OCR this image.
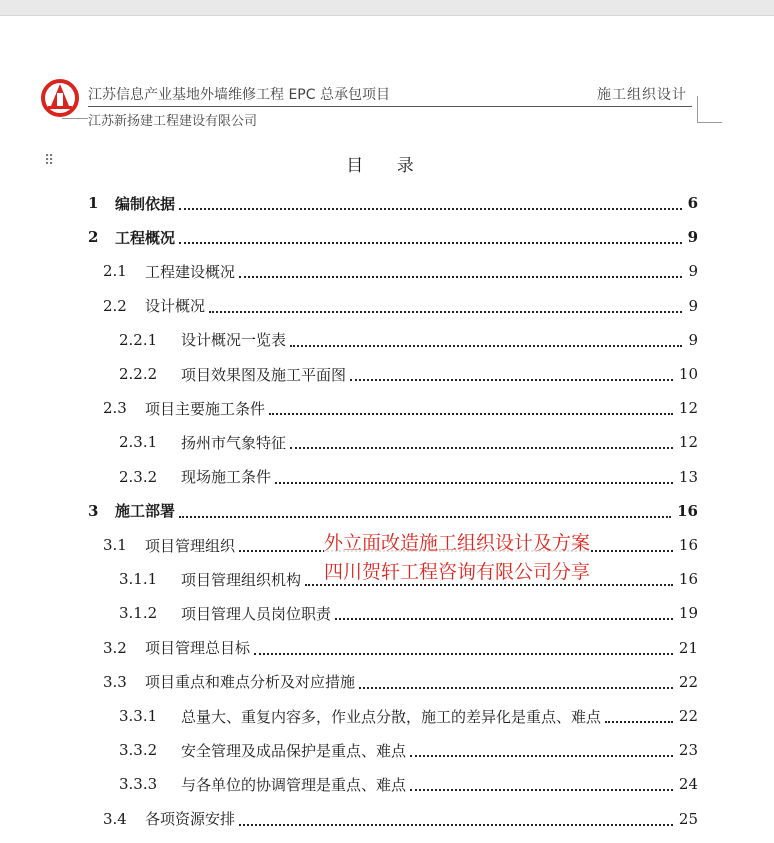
江苏信息产业基地外墙维修工程 EPC 总承包项目	施工组织设计
江苏新扬建工程建设有限公司
⠿	目 录
1 编制依据	6
2 工程概况	9
2.1 工程建设概况	9
2.2 设计概况	9
2.2.1 设计概况一览表	9
2.2.2 项目效果图及施工平面图	10
2.3 项目主要施工条件	12
2.3.1 扬州市气象特征	12
2.3.2 现场施工条件	13
3 施工部署	16
3.1 项目管理组织	16
3.1.1 项目管理组织机构	16
3.1.2 项目管理人员岗位职责	19
3.2 项目管理总目标	21
3.3 项目重点和难点分析及对应措施	22
3.3.1 总量大、重复内容多，作业点分散，施工的差异化是重点、难点	22
3.3.2 安全管理及成品保护是重点、难点	23
3.3.3 与各单位的协调管理是重点、难点	24
3.4 各项资源安排	25
外立面改造施工组织设计及方案
四川贺轩工程咨询有限公司分享
